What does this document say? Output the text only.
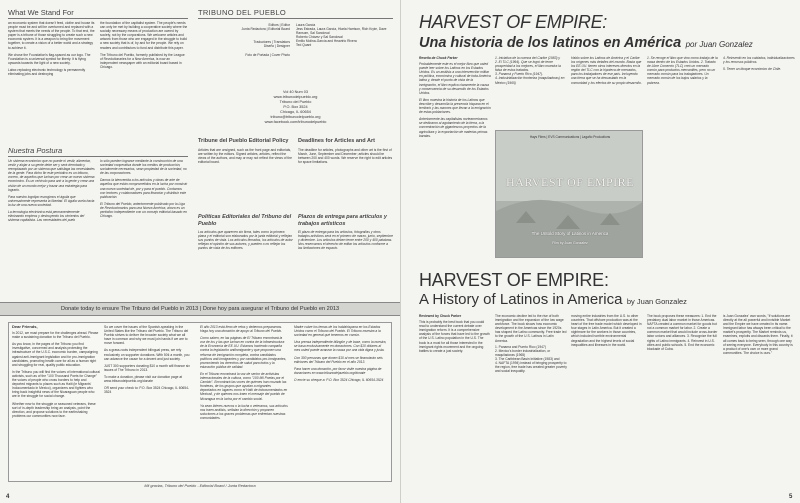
What We Stand For

an economic system that doesn't feed, clothe and house its people must be and will be overturned and replaced with a system that meets the needs of the people. To that end, the paper is a tribune of those struggling to create such a new economic system. It is a weapon to bring the movement together, to create a vision of a better world and a strategy to achieve it.

We chose the Foundation's flag-spaced as our logo. The Foundation is a universal symbol for liberty. It is flying upwards towards the light of a new society.

Labor-replacing electronic technology is permanently eliminating jobs and destroying

the foundation of the capitalist system. The people's needs can only be met by building a cooperative society where the socially necessary means of production are owned by society, not by the corporations. We welcome articles and artwork from those who are engaged in the struggle to build a new society that is of, by and for the people. We rely on readers and contributors to fund and distribute this paper.

The Tribuno del Pueblo, formerly published by the League of Revolutionaries for a New America, is now an independent newspaper with an editorial board based in Chicago.

Nuestra Postura

Un sistema económico que no puede ni vestir, alimentar, vestir y alojar a su gente debe ser y será derrotado y reemplazado por un sistema que satisfaga las necesidades de la gente. Para dicho fin este periódico es un tribuno, vocero, de aquellos que luchan por crear un nuevo sistema económico. Es un vehículo para unir a la gente y crear una visión de un mundo mejor y trazar una estrategia para lograrlo.

Para nuestro logotipo escogimos el águila que universalmente representa la libertad. El águila vuela hacia la luz de una nueva sociedad.

La tecnología electrónica está permanentemente eliminando empleos y destruyendo los cimientos del sistema capitalista. Las necesidades del pueb

lo sólo pueden lograrse mediante la construcción de una sociedad cooperativa donde los medios de producción, socialmente necesarios, sean propiedad de la sociedad, no de las corporaciones.

Damos la bienvenida a los artículos y obras de arte de aquellos que están comprometidos en la lucha por construir una nueva sociedad de, por y para el pueblo. Contamos con lectores y colaboradores para financiar y distribuir este publicación.

El Tribuno del Pueblo, anteriormente publicado por la Liga de Revolucionarios para una Nueva América, ahora es un periódico independiente con un consejo editorial basado en Chicago.

TRIBUNO DEL PUEBLO

Editors | Editor

Junta Redactora | Editorial Board

Traductores | Translators

Diseño | Designer

Foto de Portada | Cover Photo

Laura García

Jess Estrada, Laura García, Hiarla Harrison, Rich Krpie, Dave Ransom, Sal Sandoval

Roberto Chávez y Sal Sandoval

Emilio Molina-García and Heavtrio Rivera

Ted Quant

Vol 40 Num 03

www.tribunodelpueblo.org

Tribuno del Pueblo

P.O. Box 3524

Chicago, IL 60654

tribuno@tribunodelpueblo.org

www.facebook.com/tribunodelpueblo

Tribune del Pueblo Editorial Policy
Articles that are unsigned, such as the front page and editorials, are written by the editors. Signed articles, articles, reflect the views of the authors, and may or may not reflect the views of the editorial board.
Deadlines for Articles and Art
The deadline for articles, photographs and other art is the first of March, June, September and December; articles should be between 200 and 400 words. We reserve the right to edit articles for space limitations.
Políticas Editoriales del Tribuno del Pueblo
Los artículos que aparecen sin firma, tales como la primera plana y el editorial son elaborados por la junta editorial y reflejan sus puntos de vista. Los artículos firmados, los artículos de autor reflejan el opinión de sus autores, y pueden o no reflejar los puntos de vista de los editores.
Plazos de entrega para artículos y trabajos artísticos
El plazo de entrega para los artículos, fotografías y otros trabajos artísticos será en el primero de marzo, junio, septiembre y diciembre. Los artículos deben tener entre 200 y 400 palabras. Nos reservamos el derecho de editar los artículos conforme a las limitaciones de espacio.
Donate today to ensure The Tribuno del Pueblo in 2013 | Done hoy para asegurar el Tribuno del Pueblo en 2013

Dear Friends,

In 2012, we must prepare for the challenges ahead. Please make a sustaining donation to the Tribuno del Pueblo.

As you know, in the pages of the Tribuno you find investigative, concerned and analysis protesting the infrastructure of the U.S.C. economic burden, campaigning against anti-immigrant legislation and for pro-immigration candidates, promoting health care for all as a human right and struggling for real, quality public education.

In the Tribuno you will find the voices of international cultural activists, such as of the "100 Thousand Poets for Change" the voices of people who cross borders to help and deported migrants to places such as Haiti (ie Migrants' Indocumentado in Mexico), organizers and fighters who bring back insightful news of the Nicaraguan people who are in the struggle for social change.

Whether new to the struggle or seasoned veterans, these sort of in-depth leadership bring an analysis, point the direction, and propose solutions to the earthshaking problems our communities now face.

So we cover the issues of the Spanish-speaking in the United States like the Tribuno del Pueblo. The Tribuno del Pueblo strives to deliver the broader society what we all have in common and why we must join hands if we are to move forward.

As a grass-roots independent bilingual press, we rely exclusively on supporter donations. With 50¢ a month, you can advance the cause for a decent and just society.

JUST 300 supporters donating $10 a month will finance six issues of The Tribuno in 2013.

To make a donation, please visit our donation page at www.tribunodelpueblo.org/donate

OR send your check to: P.O. Box 3524 Chicago, IL 60654-3524

El año 2013 está lleno de retos y debemos prepararnos. Haga hoy una donación de apoyo al Tribuno del Pueblo.

Como saben, en las páginas de El Tribuno encontrará la voz de los y las que luchan en contra de la infraestructura de la Economía de EE.UU. Estamos haciendo campaña contra la legislación antiinmigrante y que proponen una reforma de inmigración completa, contra candidatos políticos anti-inmigrantes y por candidatos pro-inmigrantes, promoviendo los derechos de salud para todos y la educación pública de calidad.

En el Tribuno encontrará la voz de sector de activistas internacionales de la cultura, como "100 Mil Poetas por el Cambio". Encontrará las voces de quienes han cruzado las fronteras, de los grupos que ayudan a migrantes deportados en lugares como el Haití de indocumentados en Mexicali, y de quienes nos traen el mensaje del pueblo de Nicaragua en la lucha por el cambio social.

Ya sean líderes nuevos o la lucha o veteranos, sus artículos nos traen análisis, señalan la dirección y proponen soluciones a los graves problemas que enfrentan nuestras comunidades.

Madre cubre los temas de los hablahispana en los Estados Unidos como el Tribuno del Pueblo. El Tribuno muestra a la sociedad en general qué tenemos en común.

Una prensa independiente bilingüe y de base, como la nuestra, se basa exclusivamente en donaciones. Con $10 dólares al mes usted puede avanzar la causa por una vida digna y justa.

Con 300 personas que donen $10 al mes se financiarán seis ediciones del Tribuno del Pueblo en el año 2013.

Para hacer una donación, por favor visite nuestra página de donaciones en www.tribunodelpueblo.org/donate

O envíe su cheque a: P.O. Box 3524 Chicago, IL 60654-3524

Mil gracias, Tribuno del Pueblo - Editorial Board / Junta Redactora
4
HARVEST OF EMPIRE:
Una historia de los latinos en América por Juan Gonzalez

Reseña de Chuck Parker

Probablemente este es el mejor libro que usted puede leer sobre los Latinos en los Estados Unidos. Es un análisis a una intervención militar en política, económica y cultural de toda América latina y, desde el punto de vista de la inmigración, el libro explica claramente la causa y consecuencia de su desarrollo de los Estados Unidos.

El libro muestra la historia de los Latinos que describe y desarrolla la presencia hispana en el territorio y las razones que llevan a la emigración de estas poblaciones.

Anteriormente las capitalistas norteamericanos se dedicaron al agotamiento de la tierra, a la concentración de gigantescos proyectos de la agricultura y la exportación de materias primas baratas.

1. Iniciativa de la cuenca del Caribe (1983) y

2. El TLC (1994). Que se logró de tener prosperidad a los mejores, el libro muestra la falsa de estos tratados.

3. Panamá y Puerto Rico (1947).

4. Industrialización fronteriza (maquiladoras) en México (1965)

Hablo sobre los Latinos de América y el Caribe los orígenes más detalles del mundo. Basta que los EE.UU. tienen otros intereses directos en la región del TLC con la hipoteca de mercados, para los trabajadores de ese país. Incluyendo una tierra que se ha desvastado en la comunidad y los efectos de su propio desarrollo.
1. Se recoge el libro que vino como trabajo de la masa dentro de los Estados Unidos. 2. Tratado de Libre Comercio (TLC) creó un mercado común para productos mercantiles, pero no un mercado común para los trabajadores. Un mercado común de los bajos salarios y la pobreza.

4. Reinventó en los cuidados, individualizaciones y los recursos públicos.

5. Tener un bloque económico de Chile.

Hays Films | EVS Communications | Lagaño Productions
HARVEST OF EMPIRE
The Untold Story of Latinos in America
Film by Juan Gonzalez
HARVEST OF EMPIRE:
A History of Latinos in America by Juan Gonzalez

Reviewed by Chuck Parker

This is probably the best book that you could read to understand the current debate over immigration reform. It is a comprehensive analysis of the forces that have led to the growth of the U.S. Latino population in the U.S. The book is a must for all those interested in the immigrant rights movement and the ongoing battles to create a just society.

The economic decline led to the rise of both immigration and the expansion of the low wage workforce. The book shows how economic development in the Americas since the 1920s has shaped the Latino community. Free trade led to the growth of the U.S. Latinos in Latin America.

1. Panama and Puerto Rico (1947)

2. Mexico's border industrialization, or maquiladoras (1965)

3. The Caribbean Basin Initiative (1983) and

4. NAFTA (1994) instead of bringing prosperity to the region, free trade has created greater poverty and social inequality.

moving entire industries from the U.S. to other countries. That offshore production was at the heart of the free trade model which developed in four stages in Latin America. But it created a nightmare for the workers in those countries, which included horrible environmental degradation and the highest levels of social inequalities and illnesses in the world.
The book proposes these measures: 1. End the predatory dual labor market in those Americas. NAFTA created a common market for goods but not a common market for labor. 2. Create a common market that would include cross-border labor unions and alliances. 3. Recognize the full rights of Latino immigrants. 4. Reinvest in U.S. cities and public schools. 5. End the economic blockade of Cuba.
is Juan Gonzalez' own words, "If solutions are directly at the all powerful and invisible Market and the Empire we have created in its name. Immigrant labor has always been critical to the market's prosperity. The Market reminds us, examines, exploits and discards them. Finally, it all comes back to being seen, through one way of seeing everyone. Everybody in this country is a product of one's own or more grand communities. The choice is ours."
5
